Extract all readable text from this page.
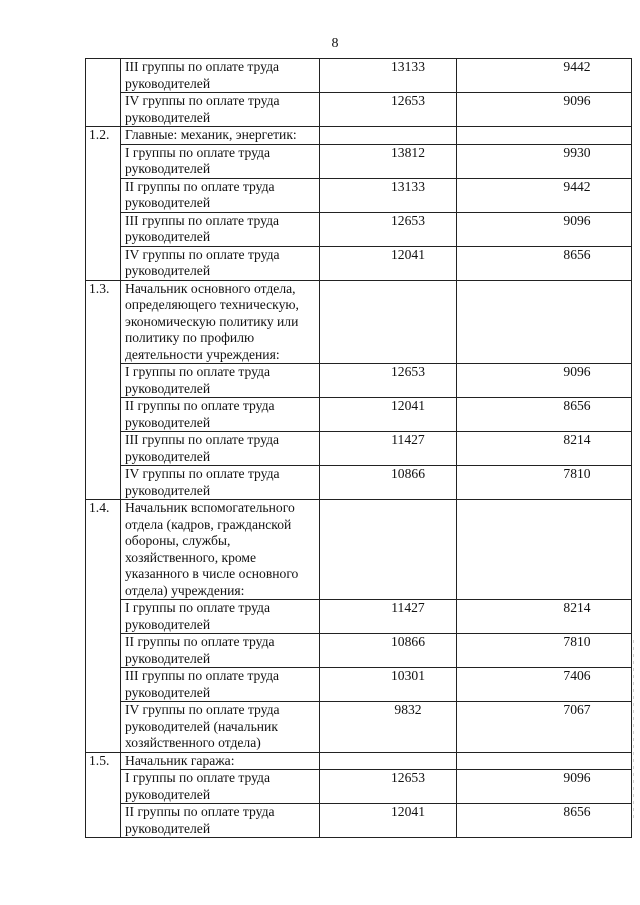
8
	III группы по оплате труда руководителей	13133	9442
	IV группы по оплате труда руководителей	12653	9096
1.2.	Главные: механик, энергетик:		
	I группы по оплате труда руководителей	13812	9930
	II группы по оплате труда руководителей	13133	9442
	III группы по оплате труда руководителей	12653	9096
	IV группы по оплате труда руководителей	12041	8656
1.3.	Начальник основного отдела, определяющего техническую, экономическую политику или политику по профилю деятельности учреждения:		
	I группы по оплате труда руководителей	12653	9096
	II группы по оплате труда руководителей	12041	8656
	III группы по оплате труда руководителей	11427	8214
	IV группы по оплате труда руководителей	10866	7810
1.4.	Начальник вспомогательного отдела (кадров, гражданской обороны, службы, хозяйственного, кроме указанного в числе основного отдела) учреждения:		
	I группы по оплате труда руководителей	11427	8214
	II группы по оплате труда руководителей	10866	7810
	III группы по оплате труда руководителей	10301	7406
	IV группы по оплате труда руководителей (начальник хозяйственного отдела)	9832	7067
1.5.	Начальник гаража:		
	I группы по оплате труда руководителей	12653	9096
	II группы по оплате труда руководителей	12041	8656
